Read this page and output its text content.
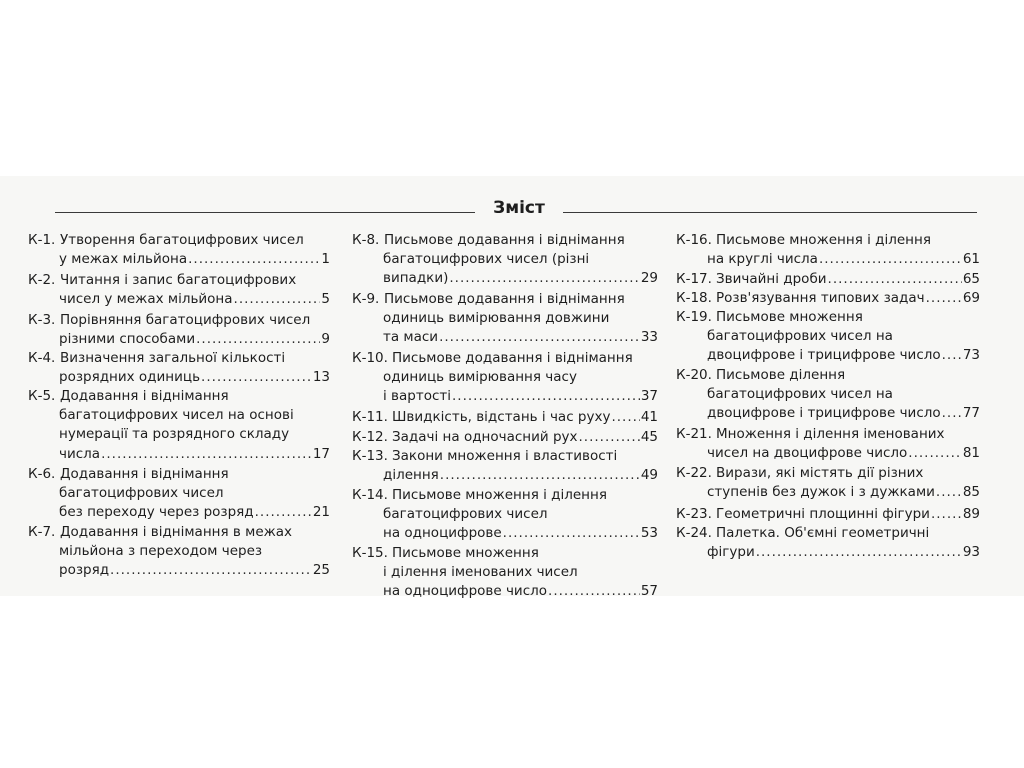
Зміст
К-1. Утворення багатоцифрових чисел
у межах мільйона .....	1
К-2. Читання і запис багатоцифрових
чисел у межах мільйона .....	5
К-3. Порівняння багатоцифрових чисел
різними способами .....	9
К-4. Визначення загальної кількості
розрядних одиниць .....	13
К-5. Додавання і віднімання
багатоцифрових чисел на основі
нумерації та розрядного складу
числа .....	17
К-6. Додавання і віднімання
багатоцифрових чисел
без переходу через розряд .....	21
К-7. Додавання і віднімання в межах
мільйона з переходом через
розряд .....	25
К-8. Письмове додавання і віднімання
багатоцифрових чисел (різні
випадки) .....	29
К-9. Письмове додавання і віднімання
одиниць вимірювання довжини
та маси .....	33
К-10. Письмове додавання і віднімання
одиниць вимірювання часу
і вартості .....	37
К-11. Швидкість, відстань і час руху ..... 41
К-12. Задачі на одночасний рух .....	45
К-13. Закони множення і властивості
ділення .....	49
К-14. Письмове множення і ділення
багатоцифрових чисел
на одноцифрове .....	53
К-15. Письмове множення
і ділення іменованих чисел
на одноцифрове число .....	57
К-16. Письмове множення і ділення
на круглі числа .....	61
К-17. Звичайні дроби .....	65
К-18. Розв'язування типових задач .....	69
К-19. Письмове множення
багатоцифрових чисел на
двоцифрове і трицифрове число ..... 73
К-20. Письмове ділення
багатоцифрових чисел на
двоцифрове і трицифрове число ..... 77
К-21. Множення і ділення іменованих
чисел на двоцифрове число .....	81
К-22. Вирази, які містять дії різних
ступенів без дужок і з дужками ..... 85
К-23. Геометричні площинні фігури ..... 89
К-24. Палетка. Об'ємні геометричні
фігури .....	93
